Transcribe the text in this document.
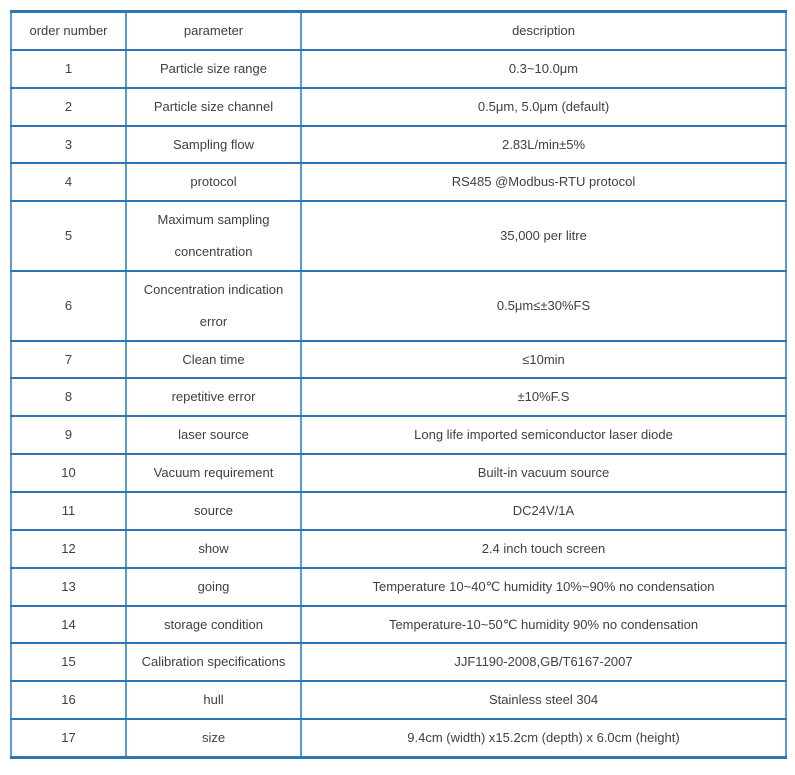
order number	parameter	description
1	Particle size range	0.3~10.0μm
2	Particle size channel	0.5μm, 5.0μm (default)
3	Sampling flow	2.83L/min±5%
4	protocol	RS485 @Modbus-RTU protocol
5	Maximum sampling concentration	35,000 per litre
6	Concentration indication error	0.5μm≤±30%FS
7	Clean time	≤10min
8	repetitive error	±10%F.S
9	laser source	Long life imported semiconductor laser diode
10	Vacuum requirement	Built-in vacuum source
11	source	DC24V/1A
12	show	2.4 inch touch screen
13	going	Temperature 10~40℃ humidity 10%~90% no condensation
14	storage condition	Temperature-10~50℃ humidity 90% no condensation
15	Calibration specifications	JJF1190-2008,GB/T6167-2007
16	hull	Stainless steel 304
17	size	9.4cm (width) x15.2cm (depth) x 6.0cm (height)
